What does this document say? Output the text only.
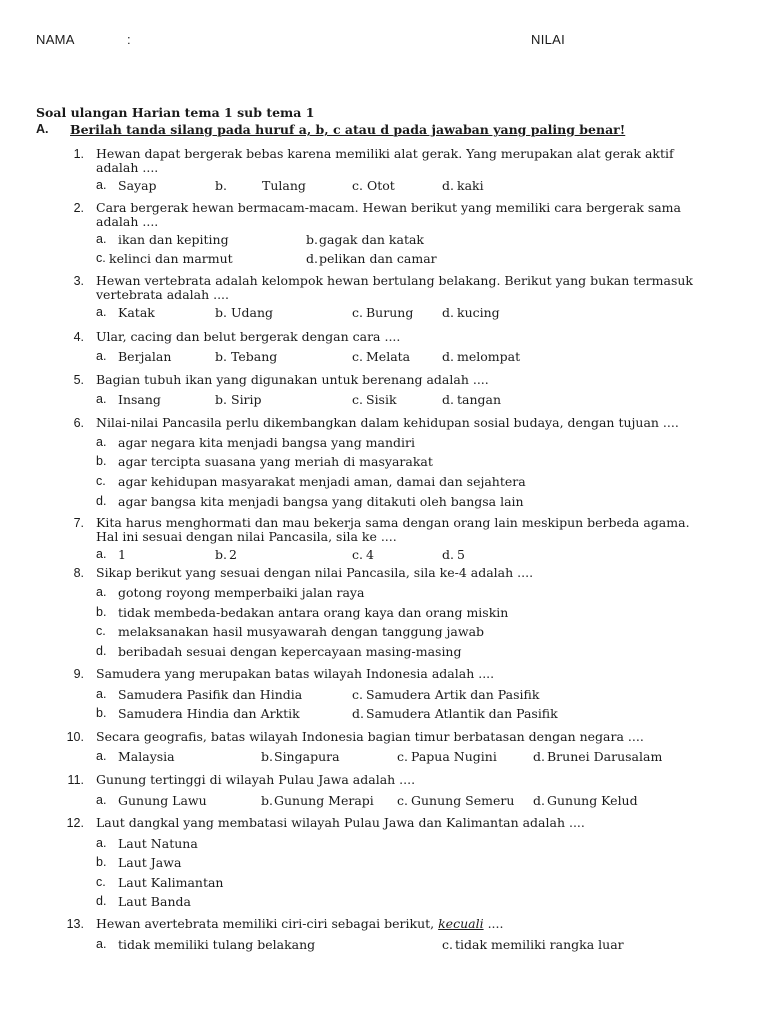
NAMA	:	NILAI
Soal ulangan Harian tema 1 sub tema 1
A. Berilah tanda silang pada huruf a, b, c atau d pada jawaban yang paling benar!
1. Hewan dapat bergerak bebas karena memiliki alat gerak. Yang merupakan alat gerak aktif
adalah ....
a. Sayap	b.	Tulang	c. Otot	d. kaki
2. Cara bergerak hewan bermacam-macam. Hewan berikut yang memiliki cara bergerak sama
adalah ....
a. ikan dan kepiting	b. gagak dan katak
c. kelinci dan marmut	d. pelikan dan camar
3. Hewan vertebrata adalah kelompok hewan bertulang belakang. Berikut yang bukan termasuk
vertebrata adalah ....
a. Katak	b. Udang	c. Burung d. kucing
4. Ular, cacing dan belut bergerak dengan cara ....
a. Berjalan	b. Tebang	c. Melata	d. melompat
5. Bagian tubuh ikan yang digunakan untuk berenang adalah ....
a. Insang	b. Sirip	c. Sisik	d. tangan
6. Nilai-nilai Pancasila perlu dikembangkan dalam kehidupan sosial budaya, dengan tujuan ....
a. agar negara kita menjadi bangsa yang mandiri
b. agar tercipta suasana yang meriah di masyarakat
c. agar kehidupan masyarakat menjadi aman, damai dan sejahtera
d. agar bangsa kita menjadi bangsa yang ditakuti oleh bangsa lain
7. Kita harus menghormati dan mau bekerja sama dengan orang lain meskipun berbeda agama.
Hal ini sesuai dengan nilai Pancasila, sila ke ....
a. 1	b. 2	c. 4	d. 5
8. Sikap berikut yang sesuai dengan nilai Pancasila, sila ke-4 adalah ....
a. gotong royong memperbaiki jalan raya
b. tidak membeda-bedakan antara orang kaya dan orang miskin
c. melaksanakan hasil musyawarah dengan tanggung jawab
d. beribadah sesuai dengan kepercayaan masing-masing
9. Samudera yang merupakan batas wilayah Indonesia adalah ....
a. Samudera Pasifik dan Hindia
b. Samudera Hindia dan Arktik
c. Samudera Artik dan Pasifik
d. Samudera Atlantik dan Pasifik
10. Secara geografis, batas wilayah Indonesia bagian timur berbatasan dengan negara ....
a. Malaysia	b. Singapura	c. Papua Nugini	d. Brunei Darusalam
11. Gunung tertinggi di wilayah Pulau Jawa adalah ....
a. Gunung Lawu	b. Gunung Merapi c. Gunung Semeru d. Gunung Kelud
12. Laut dangkal yang membatasi wilayah Pulau Jawa dan Kalimantan adalah ....
a. Laut Natuna
b. Laut Jawa
c. Laut Kalimantan
d. Laut Banda
13. Hewan avertebrata memiliki ciri-ciri sebagai berikut, kecuali ....
a. tidak memiliki tulang belakang	c. tidak memiliki rangka luar
